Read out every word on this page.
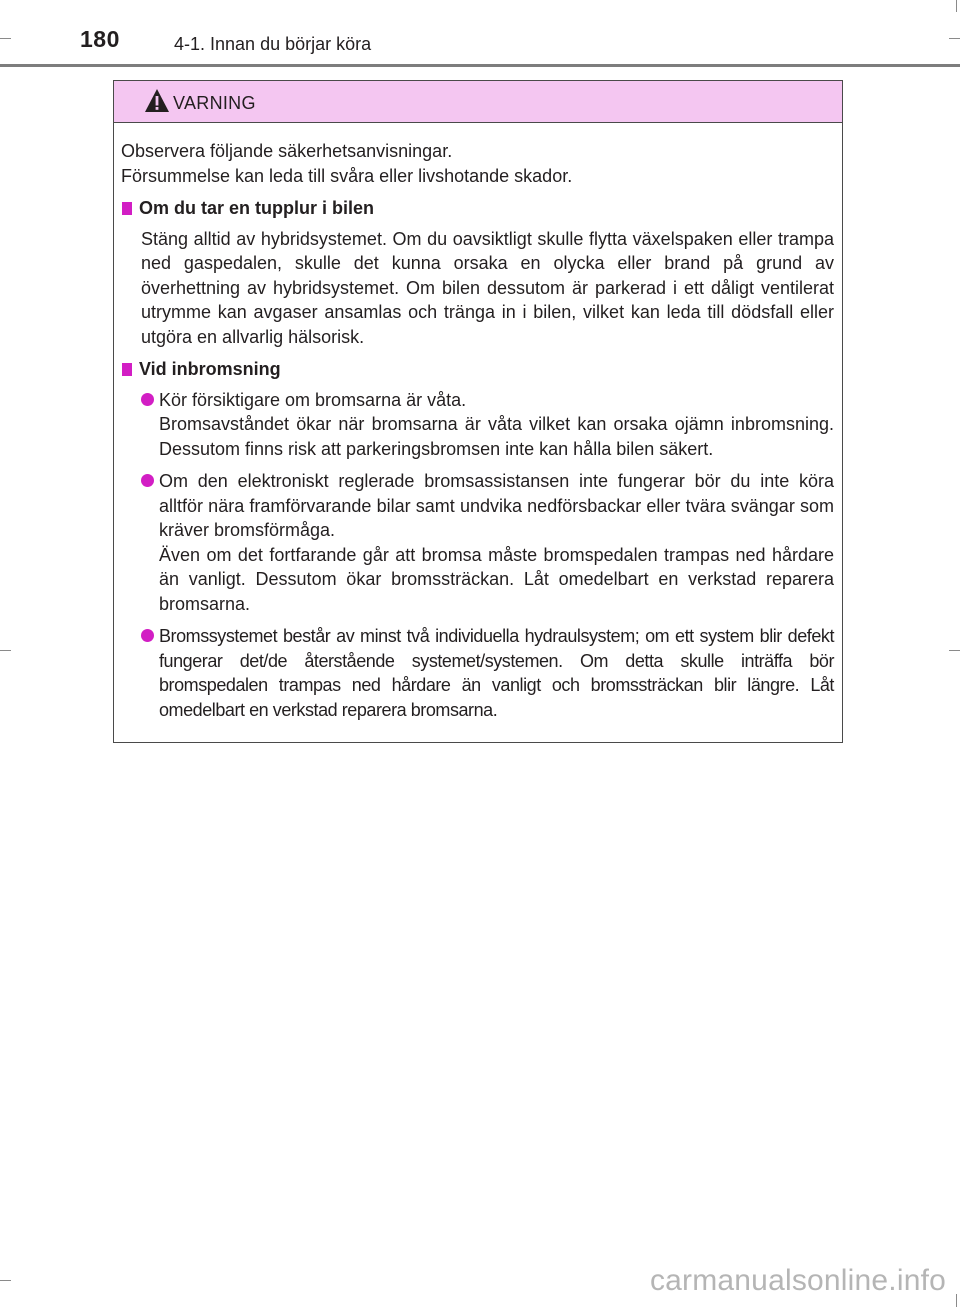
180	4-1. Innan du börjar köra
VARNING
Observera följande säkerhetsanvisningar.
Försummelse kan leda till svåra eller livshotande skador.
Om du tar en tupplur i bilen
Stäng alltid av hybridsystemet. Om du oavsiktligt skulle flytta växelspaken eller trampa ned gaspedalen, skulle det kunna orsaka en olycka eller brand på grund av överhettning av hybridsystemet. Om bilen dessutom är parkerad i ett dåligt ventilerat utrymme kan avgaser ansamlas och tränga in i bilen, vilket kan leda till dödsfall eller utgöra en allvarlig hälsorisk.
Vid inbromsning
Kör försiktigare om bromsarna är våta.
Bromsavståndet ökar när bromsarna är våta vilket kan orsaka ojämn inbromsning. Dessutom finns risk att parkeringsbromsen inte kan hålla bilen säkert.
Om den elektroniskt reglerade bromsassistansen inte fungerar bör du inte köra alltför nära framförvarande bilar samt undvika nedförsbackar eller tvära svängar som kräver bromsförmåga.
Även om det fortfarande går att bromsa måste bromspedalen trampas ned hårdare än vanligt. Dessutom ökar bromssträckan. Låt omedelbart en verkstad reparera bromsarna.
Bromssystemet består av minst två individuella hydraulsystem; om ett system blir defekt fungerar det/de återstående systemet/systemen. Om detta skulle inträffa bör bromspedalen trampas ned hårdare än vanligt och bromssträckan blir längre. Låt omedelbart en verkstad reparera bromsarna.
carmanualsonline.info
